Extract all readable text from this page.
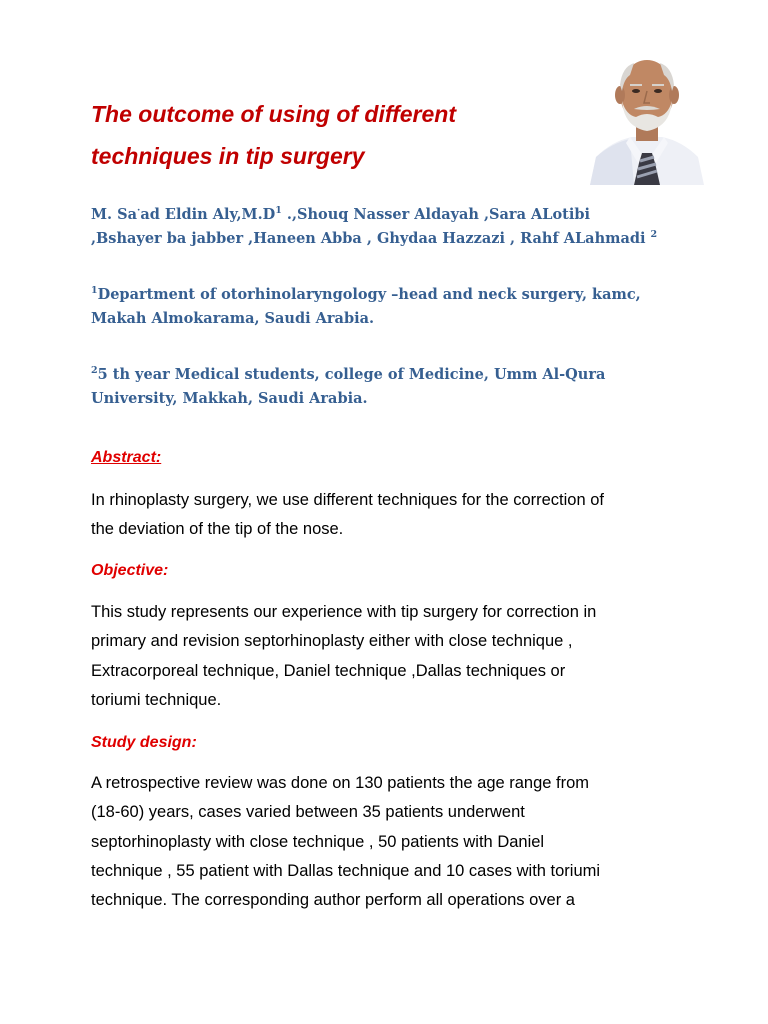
The outcome of using of different
techniques in tip surgery
M. Sa·ad Eldin $Aly,M.D^1$ .,Shouq Nasser Aldayah ,Sara ALotibi
,Bshayer ba jabber ,Haneen Abba , Ghydaa Hazzazi , Rahf ALahmadi $^2$
$^1$Department of otorhinolaryngology –head and neck surgery, kamc,
Makah Almokarama, Saudi Arabia.
$^2$5 th year Medical students, college of Medicine, Umm Al-Qura
University, Makkah, Saudi Arabia.
Abstract:
In rhinoplasty surgery, we use different techniques for the correction of
the deviation of the tip of the nose.
Objective:
This study represents our experience with tip surgery for correction in
primary and revision septorhinoplasty either with close technique ,
Extracorporeal technique, Daniel technique ,Dallas techniques or
toriumi technique.
Study design:
A retrospective review was done on 130 patients the age range from
(18-60) years, cases varied between 35 patients underwent
septorhinoplasty with close technique , 50 patients with Daniel
technique , 55 patient with Dallas technique and 10 cases with toriumi
technique. The corresponding author perform all operations over a
